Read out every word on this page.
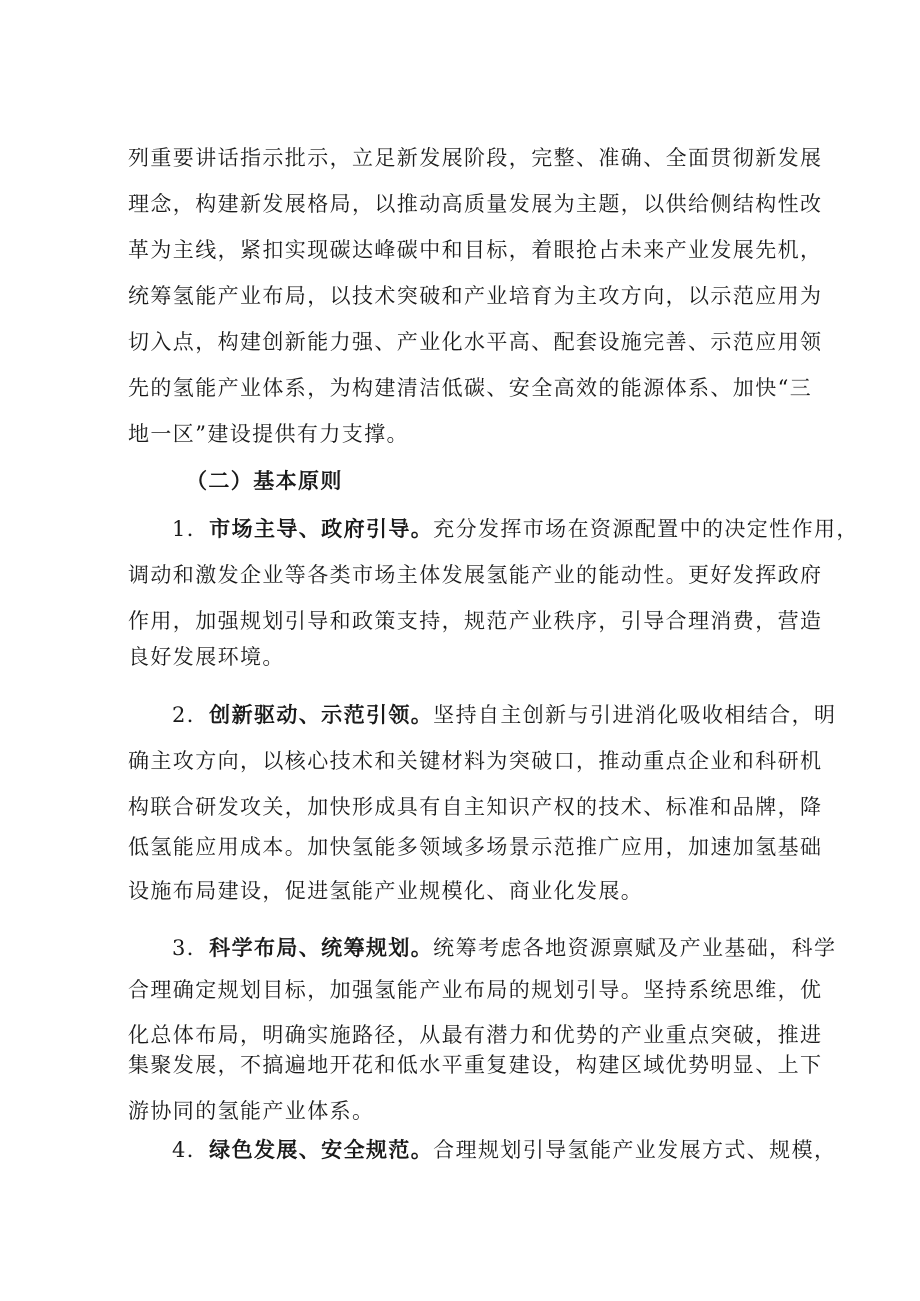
列重要讲话指示批示，立足新发展阶段，完整、准确、全面贯彻新发展
理念，构建新发展格局，以推动高质量发展为主题，以供给侧结构性改
革为主线，紧扣实现碳达峰碳中和目标，着眼抢占未来产业发展先机，
统筹氢能产业布局，以技术突破和产业培育为主攻方向，以示范应用为
切入点，构建创新能力强、产业化水平高、配套设施完善、示范应用领
先的氢能产业体系，为构建清洁低碳、安全高效的能源体系、加快“三
地一区”建设提供有力支撑。
（二）基本原则
1．市场主导、政府引导。充分发挥市场在资源配置中的决定性作用，
调动和激发企业等各类市场主体发展氢能产业的能动性。更好发挥政府
作用，加强规划引导和政策支持，规范产业秩序，引导合理消费，营造
良好发展环境。
2．创新驱动、示范引领。坚持自主创新与引进消化吸收相结合，明
确主攻方向，以核心技术和关键材料为突破口，推动重点企业和科研机
构联合研发攻关，加快形成具有自主知识产权的技术、标准和品牌，降
低氢能应用成本。加快氢能多领域多场景示范推广应用，加速加氢基础
设施布局建设，促进氢能产业规模化、商业化发展。
3．科学布局、统筹规划。统筹考虑各地资源禀赋及产业基础，科学
合理确定规划目标，加强氢能产业布局的规划引导。坚持系统思维，优
化总体布局，明确实施路径，从最有潜力和优势的产业重点突破，推进
集聚发展，不搞遍地开花和低水平重复建设，构建区域优势明显、上下
游协同的氢能产业体系。
4．绿色发展、安全规范。合理规划引导氢能产业发展方式、规模，
